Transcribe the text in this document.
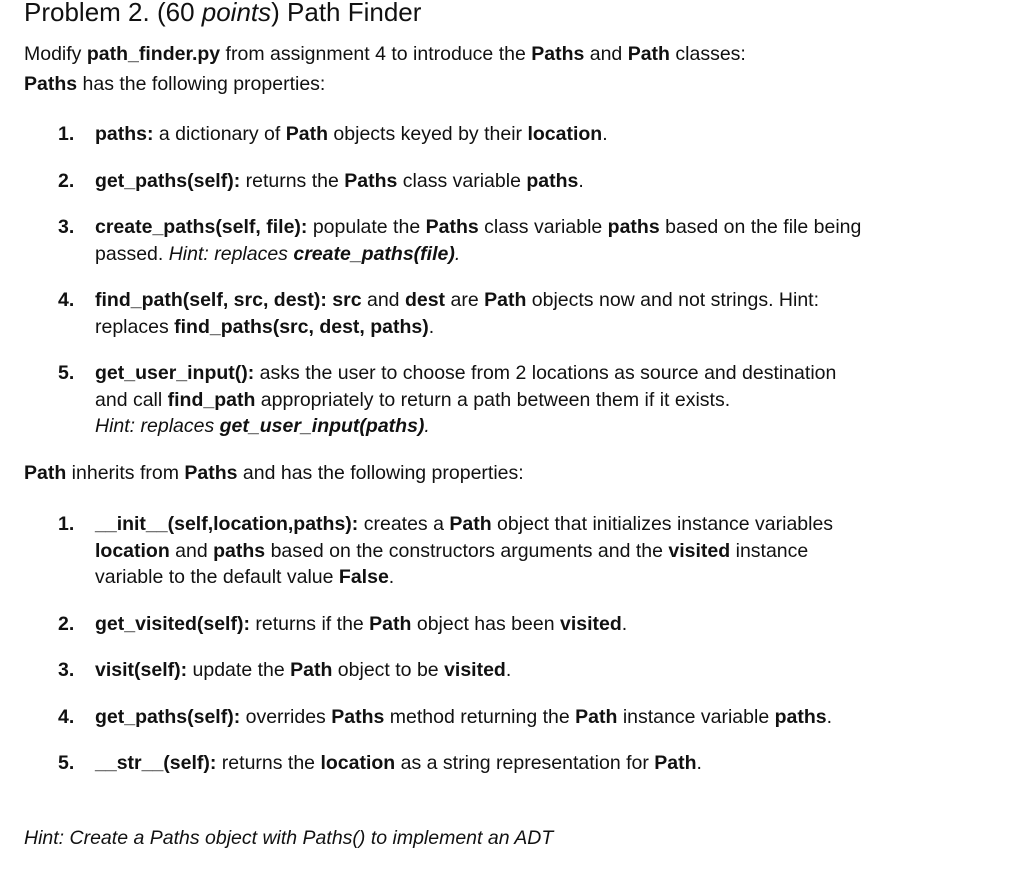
Problem 2. (60 points) Path Finder
Modify path_finder.py from assignment 4 to introduce the Paths and Path classes:
Paths has the following properties:
1.	paths: a dictionary of Path objects keyed by their location.
2.	get_paths(self): returns the Paths class variable paths.
3.	create_paths(self, file): populate the Paths class variable paths based on the file being
passed. Hint: replaces create_paths(file).
4.	find_path(self, src, dest): src and dest are Path objects now and not strings. Hint:
replaces find_paths(src, dest, paths).
5.	get_user_input(): asks the user to choose from 2 locations as source and destination
and call find_path appropriately to return a path between them if it exists.
Hint: replaces get_user_input(paths).
Path inherits from Paths and has the following properties:
1.	__init__(self,location,paths): creates a Path object that initializes instance variables
location and paths based on the constructors arguments and the visited instance
variable to the default value False.
2.	get_visited(self): returns if the Path object has been visited.
3.	visit(self): update the Path object to be visited.
4.	get_paths(self): overrides Paths method returning the Path instance variable paths.
5.	__str__(self): returns the location as a string representation for Path.
Hint: Create a Paths object with Paths() to implement an ADT
